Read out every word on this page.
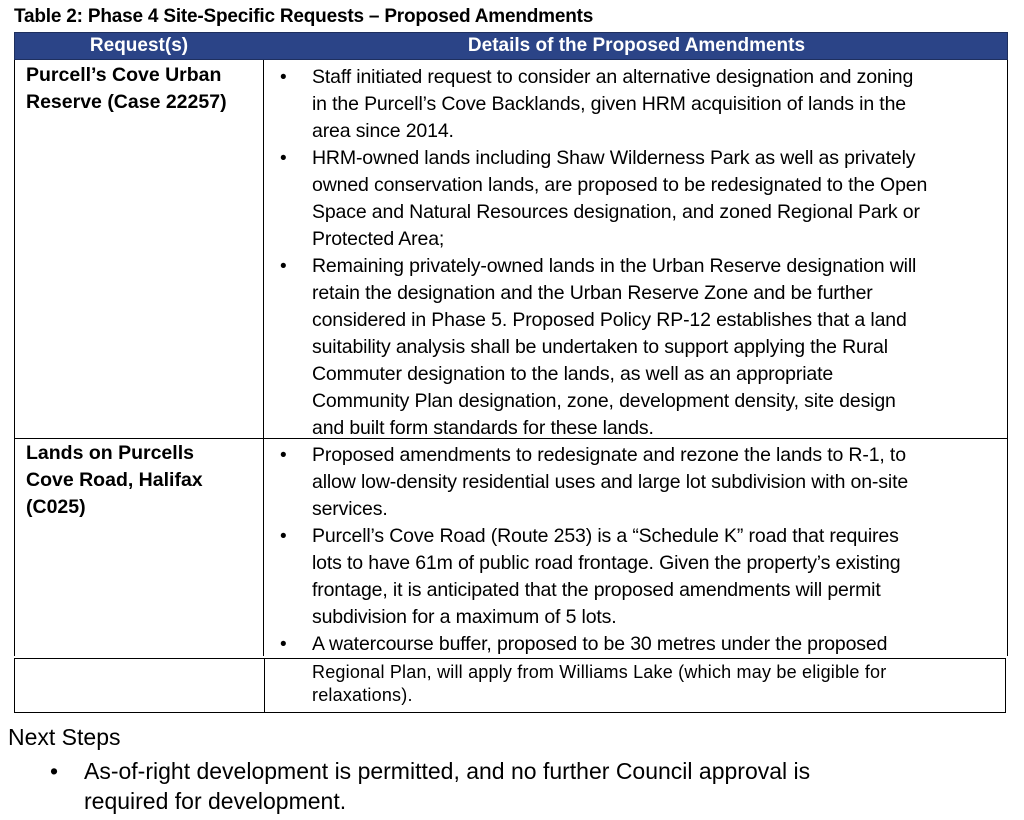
Table 2: Phase 4 Site-Specific Requests – Proposed Amendments
Request(s)	Details of the Proposed Amendments
Purcell’s Cove Urban
Reserve (Case 22257)
• Staff initiated request to consider an alternative designation and zoning
in the Purcell’s Cove Backlands, given HRM acquisition of lands in the
area since 2014.
• HRM-owned lands including Shaw Wilderness Park as well as privately
owned conservation lands, are proposed to be redesignated to the Open
Space and Natural Resources designation, and zoned Regional Park or
Protected Area;
• Remaining privately-owned lands in the Urban Reserve designation will
retain the designation and the Urban Reserve Zone and be further
considered in Phase 5. Proposed Policy RP-12 establishes that a land
suitability analysis shall be undertaken to support applying the Rural
Commuter designation to the lands, as well as an appropriate
Community Plan designation, zone, development density, site design
and built form standards for these lands.
Lands on Purcells
Cove Road, Halifax
(C025)
• Proposed amendments to redesignate and rezone the lands to R-1, to
allow low-density residential uses and large lot subdivision with on-site
services.
• Purcell’s Cove Road (Route 253) is a “Schedule K” road that requires
lots to have 61m of public road frontage. Given the property’s existing
frontage, it is anticipated that the proposed amendments will permit
subdivision for a maximum of 5 lots.
• A watercourse buffer, proposed to be 30 metres under the proposed

Regional Plan, will apply from Williams Lake (which may be eligible for
relaxations).

Next Steps
• As-of-right development is permitted, and no further Council approval is
required for development.
